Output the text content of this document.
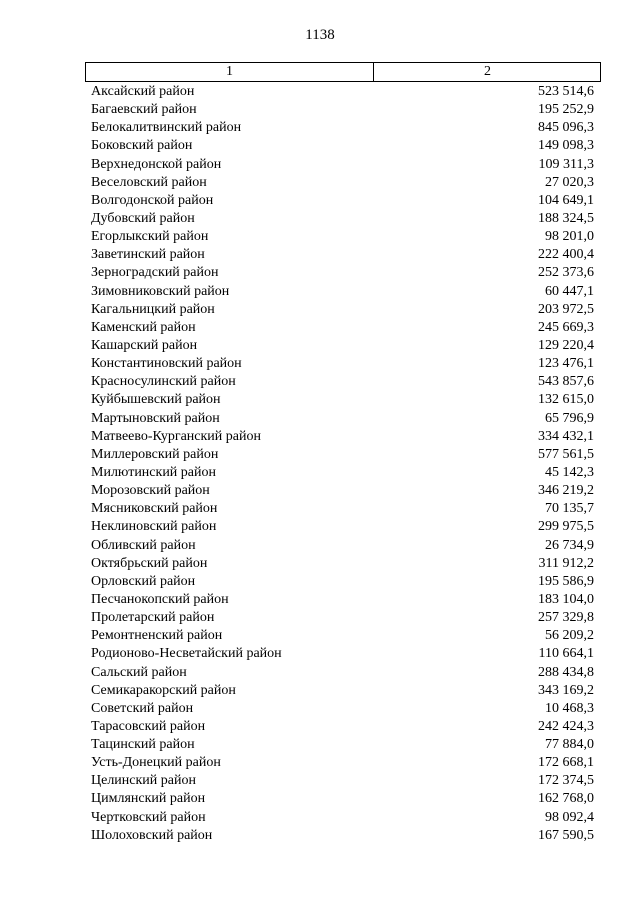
1138
1	2
Аксайский район	523 514,6
Багаевский район	195 252,9
Белокалитвинский район	845 096,3
Боковский район	149 098,3
Верхнедонской район	109 311,3
Веселовский район	27 020,3
Волгодонской район	104 649,1
Дубовский район	188 324,5
Егорлыкский район	98 201,0
Заветинский район	222 400,4
Зерноградский район	252 373,6
Зимовниковский район	60 447,1
Кагальницкий район	203 972,5
Каменский район	245 669,3
Кашарский район	129 220,4
Константиновский район	123 476,1
Красносулинский район	543 857,6
Куйбышевский район	132 615,0
Мартыновский район	65 796,9
Матвеево-Курганский район	334 432,1
Миллеровский район	577 561,5
Милютинский район	45 142,3
Морозовский район	346 219,2
Мясниковский район	70 135,7
Неклиновский район	299 975,5
Обливский район	26 734,9
Октябрьский район	311 912,2
Орловский район	195 586,9
Песчанокопский район	183 104,0
Пролетарский район	257 329,8
Ремонтненский район	56 209,2
Родионово-Несветайский район	110 664,1
Сальский район	288 434,8
Семикаракорский район	343 169,2
Советский район	10 468,3
Тарасовский район	242 424,3
Тацинский район	77 884,0
Усть-Донецкий район	172 668,1
Целинский район	172 374,5
Цимлянский район	162 768,0
Чертковский район	98 092,4
Шолоховский район	167 590,5
